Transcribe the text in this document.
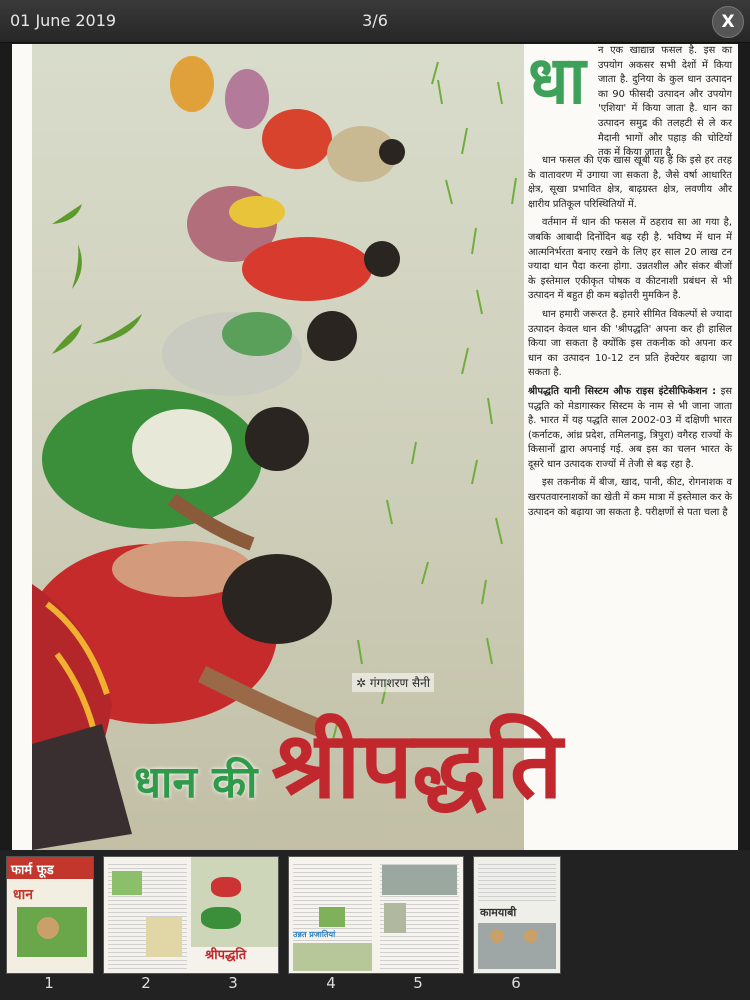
01 June 2019	3/6	X
धा न एक खाद्यान्न फसल है. इस का उपयोग अकसर सभी देशों में किया जाता है. दुनिया के कुल धान उत्पादन का 90 फीसदी उत्पादन और उपयोग 'एशिया' में किया जाता है. धान का उत्पादन समुद्र की तलहटी से ले कर मैदानी भागों और पहाड़ की चोटियों तक में किया जाता है.

धान फसल की एक खास खूबी यह है कि इसे हर तरह के वातावरण में उगाया जा सकता है, जैसे वर्षा आधारित क्षेत्र, सूखा प्रभावित क्षेत्र, बाढ़ग्रस्त क्षेत्र, लवणीय और क्षारीय प्रतिकूल परिस्थितियों में.

वर्तमान में धान की फसल में ठहराव सा आ गया है, जबकि आबादी दिनोंदिन बढ़ रही है. भविष्य में धान में आत्मनिर्भरता बनाए रखने के लिए हर साल 20 लाख टन ज्यादा धान पैदा करना होगा. उन्नतशील और संकर बीजों के इस्तेमाल एकीकृत पोषक व कीटनाशी प्रबंधन से भी उत्पादन में बहुत ही कम बढ़ोतरी मुमकिन है.

धान हमारी जरूरत है. हमारे सीमित विकल्पों से ज्यादा उत्पादन केवल धान की 'श्रीपद्धति' अपना कर ही हासिल किया जा सकता है क्योंकि इस तकनीक को अपना कर धान का उत्पादन 10-12 टन प्रति हेक्टेयर बढ़ाया जा सकता है.

श्रीपद्धति यानी सिस्टम औफ राइस इंटेसीफिकेशन : इस पद्धति को मेडागास्कर सिस्टम के नाम से भी जाना जाता है. भारत में यह पद्धति साल 2002-03 में दक्षिणी भारत (कर्नाटक, आंध्र प्रदेश, तमिलनाडु, त्रिपुरा) वगैरह राज्यों के किसानों द्वारा अपनाई गई. अब इस का चलन भारत के दूसरे धान उत्पादक राज्यों में तेजी से बढ़ रहा है.

इस तकनीक में बीज, खाद, पानी, कीट, रोगनाशक व खरपतवारनाशकों का खेती में कम मात्रा में इस्तेमाल कर के उत्पादन को बढ़ाया जा सकता है. परीक्षणों से पता चला है

✲ गंगाशरण सैनी
धान की श्रीपद्धति
फार्म फूड
धान
श्रीपद्धति
उन्नत प्रजातियां
कामयाबी
1	2	3	4	5	6
